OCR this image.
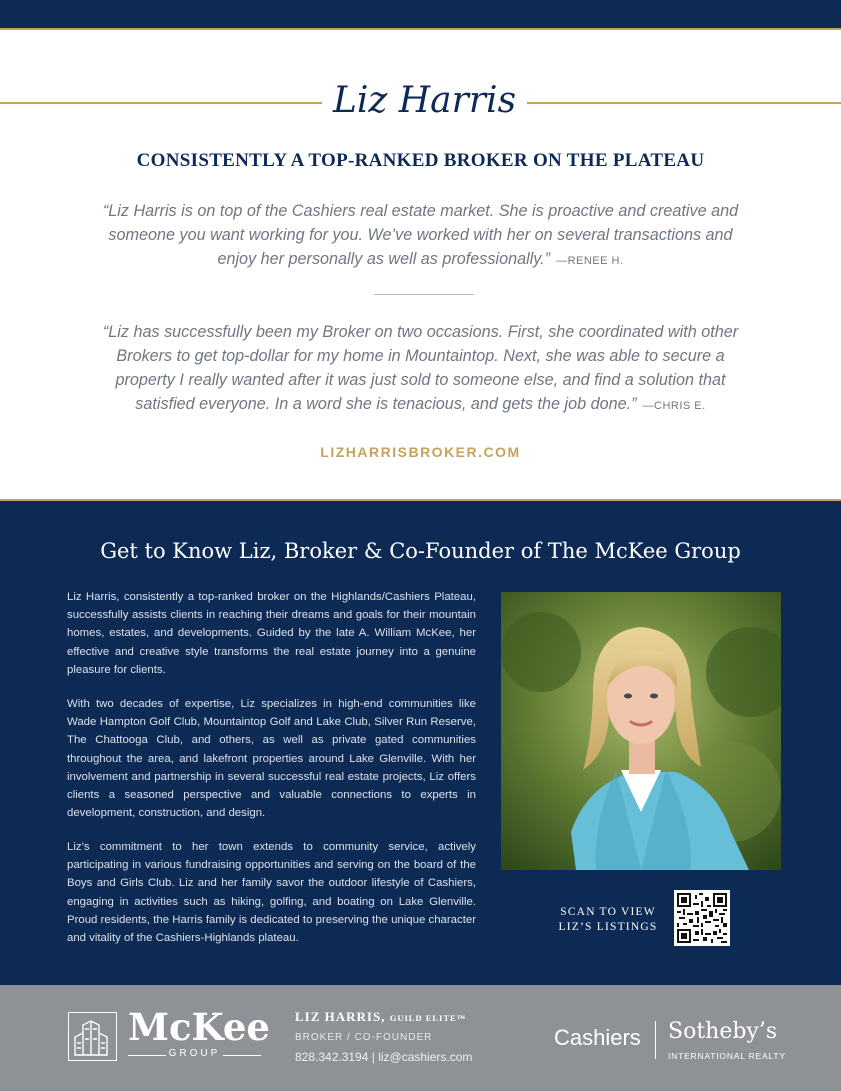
Liz Harris
CONSISTENTLY A TOP-RANKED BROKER ON THE PLATEAU
“Liz Harris is on top of the Cashiers real estate market. She is proactive and creative and someone you want working for you. We’ve worked with her on several transactions and enjoy her personally as well as professionally.” —RENEE H.
“Liz has successfully been my Broker on two occasions. First, she coordinated with other Brokers to get top-dollar for my home in Mountaintop. Next, she was able to secure a property I really wanted after it was just sold to someone else, and find a solution that satisfied everyone. In a word she is tenacious, and gets the job done.” —CHRIS E.
LIZHARRISBROKER.COM
Get to Know Liz, Broker & Co-Founder of The McKee Group

Liz Harris, consistently a top-ranked broker on the Highlands/Cashiers Plateau, successfully assists clients in reaching their dreams and goals for their mountain homes, estates, and developments. Guided by the late A. William McKee, her effective and creative style transforms the real estate journey into a genuine pleasure for clients.

With two decades of expertise, Liz specializes in high-end communities like Wade Hampton Golf Club, Mountaintop Golf and Lake Club, Silver Run Reserve, The Chattooga Club, and others, as well as private gated communities throughout the area, and lakefront properties around Lake Glenville. With her involvement and partnership in several successful real estate projects, Liz offers clients a seasoned perspective and valuable connections to experts in development, construction, and design.

Liz’s commitment to her town extends to community service, actively participating in various fundraising opportunities and serving on the board of the Boys and Girls Club. Liz and her family savor the outdoor lifestyle of Cashiers, engaging in activities such as hiking, golfing, and boating on Lake Glenville. Proud residents, the Harris family is dedicated to preserving the unique character and vitality of the Cashiers-Highlands plateau.

SCAN TO VIEW
LIZ’S LISTINGS
McKee
GROUP
LIZ HARRIS, GUILD ELITE™
BROKER / CO-FOUNDER
828.342.3194 | liz@cashiers.com
Cashiers Sotheby’s
INTERNATIONAL REALTY
